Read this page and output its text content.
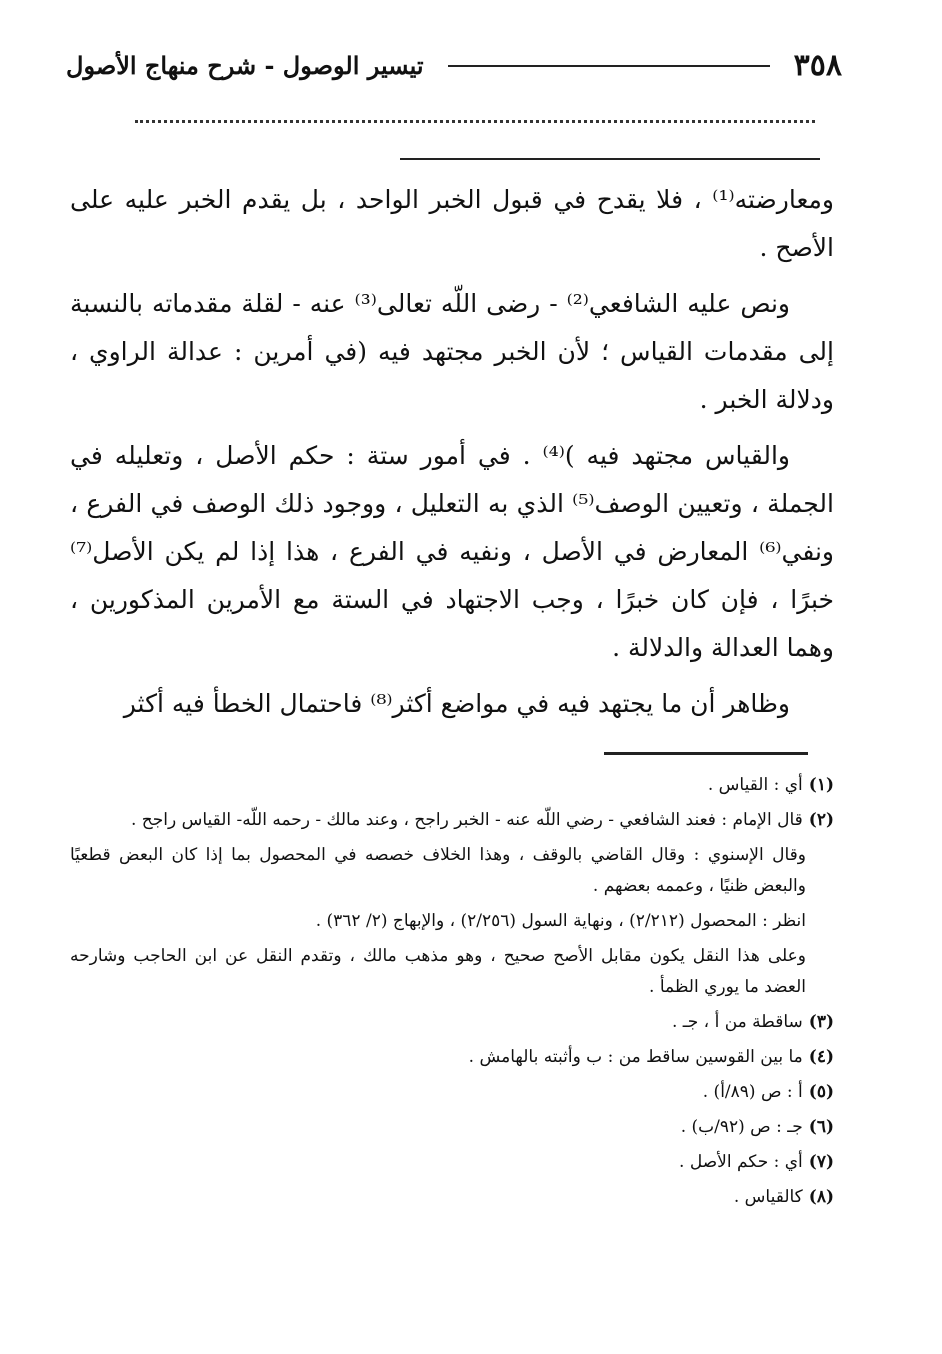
٣٥٨
تيسير الوصول - شرح منهاج الأصول

ومعارضته⁽¹⁾ ، فلا يقدح في قبول الخبر الواحد ، بل يقدم الخبر عليه على الأصح .

ونص عليه الشافعي⁽²⁾ - رضى اللّه تعالى⁽³⁾ عنه - لقلة مقدماته بالنسبة إلى مقدمات القياس ؛ لأن الخبر مجتهد فيه (في أمرين : عدالة الراوي ، ودلالة الخبر .

والقياس مجتهد فيه )⁽⁴⁾ . في أمور ستة : حكم الأصل ، وتعليله في الجملة ، وتعيين الوصف⁽⁵⁾ الذي به التعليل ، ووجود ذلك الوصف في الفرع ، ونفي⁽⁶⁾ المعارض في الأصل ، ونفيه في الفرع ، هذا إذا لم يكن الأصل⁽⁷⁾ خبرًا ، فإن كان خبرًا ، وجب الاجتهاد في الستة مع الأمرين المذكورين ، وهما العدالة والدلالة .

وظاهر أن ما يجتهد فيه في مواضع أكثر⁽⁸⁾ فاحتمال الخطأ فيه أكثر

(١)أي : القياس .
(٢)قال الإمام : فعند الشافعي - رضي اللّه عنه - الخبر راجح ، وعند مالك - رحمه اللّه- القياس راجح .
وقال الإسنوي : وقال القاضي بالوقف ، وهذا الخلاف خصصه في المحصول بما إذا كان البعض قطعيًا والبعض ظنيًا ، وعممه بعضهم .
انظر : المحصول (٢/٢١٢) ، ونهاية السول (٢/٢٥٦) ، والإبهاج (٢/ ٣٦٢) .
وعلى هذا النقل يكون مقابل الأصح صحيح ، وهو مذهب مالك ، وتقدم النقل عن ابن الحاجب وشارحه العضد ما يوري الظمأ .
(٣)ساقطة من أ ، جـ .
(٤)ما بين القوسين ساقط من : ب وأثبته بالهامش .
(٥)أ : ص (٨٩/أ) .
(٦)جـ : ص (٩٢/ب) .
(٧)أي : حكم الأصل .
(٨)كالقياس .
